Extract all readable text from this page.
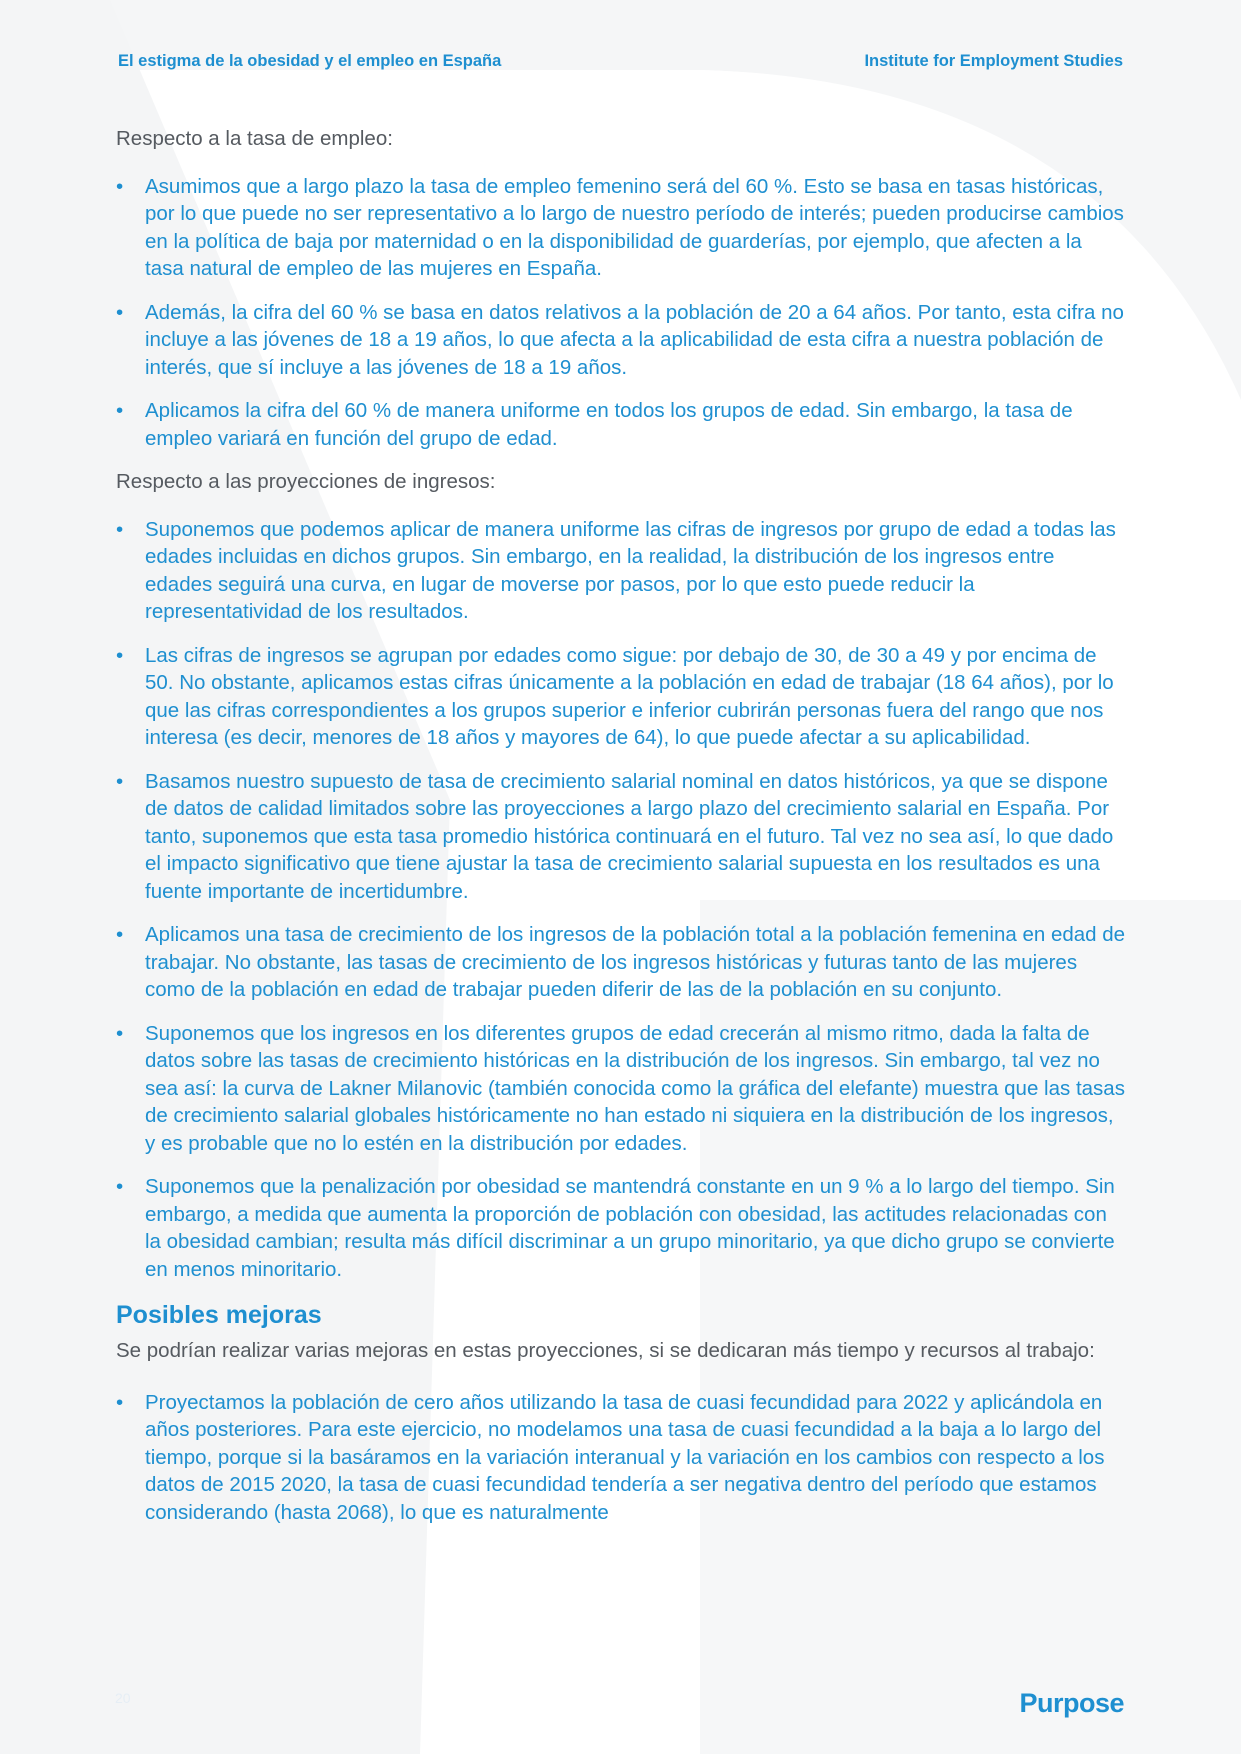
El estigma de la obesidad y el empleo en España	Institute for Employment Studies

Respecto a la tasa de empleo:

• Asumimos que a largo plazo la tasa de empleo femenino será del 60 %. Esto se basa en tasas históricas, por lo que puede no ser representativo a lo largo de nuestro período de interés; pueden producirse cambios en la política de baja por maternidad o en la disponibilidad de guarderías, por ejemplo, que afecten a la tasa natural de empleo de las mujeres en España.
• Además, la cifra del 60 % se basa en datos relativos a la población de 20 a 64 años. Por tanto, esta cifra no incluye a las jóvenes de 18 a 19 años, lo que afecta a la aplicabilidad de esta cifra a nuestra población de interés, que sí incluye a las jóvenes de 18 a 19 años.
• Aplicamos la cifra del 60 % de manera uniforme en todos los grupos de edad. Sin embargo, la tasa de empleo variará en función del grupo de edad.

Respecto a las proyecciones de ingresos:

• Suponemos que podemos aplicar de manera uniforme las cifras de ingresos por grupo de edad a todas las edades incluidas en dichos grupos. Sin embargo, en la realidad, la distribución de los ingresos entre edades seguirá una curva, en lugar de moverse por pasos, por lo que esto puede reducir la representatividad de los resultados.
• Las cifras de ingresos se agrupan por edades como sigue: por debajo de 30, de 30 a 49 y por encima de 50. No obstante, aplicamos estas cifras únicamente a la población en edad de trabajar (18 64 años), por lo que las cifras correspondientes a los grupos superior e inferior cubrirán personas fuera del rango que nos interesa (es decir, menores de 18 años y mayores de 64), lo que puede afectar a su aplicabilidad.
• Basamos nuestro supuesto de tasa de crecimiento salarial nominal en datos históricos, ya que se dispone de datos de calidad limitados sobre las proyecciones a largo plazo del crecimiento salarial en España. Por tanto, suponemos que esta tasa promedio histórica continuará en el futuro. Tal vez no sea así, lo que dado el impacto significativo que tiene ajustar la tasa de crecimiento salarial supuesta en los resultados es una fuente importante de incertidumbre.
• Aplicamos una tasa de crecimiento de los ingresos de la población total a la población femenina en edad de trabajar. No obstante, las tasas de crecimiento de los ingresos históricas y futuras tanto de las mujeres como de la población en edad de trabajar pueden diferir de las de la población en su conjunto.
• Suponemos que los ingresos en los diferentes grupos de edad crecerán al mismo ritmo, dada la falta de datos sobre las tasas de crecimiento históricas en la distribución de los ingresos. Sin embargo, tal vez no sea así: la curva de Lakner Milanovic (también conocida como la gráfica del elefante) muestra que las tasas de crecimiento salarial globales históricamente no han estado ni siquiera en la distribución de los ingresos, y es probable que no lo estén en la distribución por edades.
• Suponemos que la penalización por obesidad se mantendrá constante en un 9 % a lo largo del tiempo. Sin embargo, a medida que aumenta la proporción de población con obesidad, las actitudes relacionadas con la obesidad cambian; resulta más difícil discriminar a un grupo minoritario, ya que dicho grupo se convierte en menos minoritario.
Posibles mejoras

Se podrían realizar varias mejoras en estas proyecciones, si se dedicaran más tiempo y recursos al trabajo:

• Proyectamos la población de cero años utilizando la tasa de cuasi fecundidad para 2022 y aplicándola en años posteriores. Para este ejercicio, no modelamos una tasa de cuasi fecundidad a la baja a lo largo del tiempo, porque si la basáramos en la variación interanual y la variación en los cambios con respecto a los datos de 2015 2020, la tasa de cuasi fecundidad tendería a ser negativa dentro del período que estamos considerando (hasta 2068), lo que es naturalmente
20	Purpose
